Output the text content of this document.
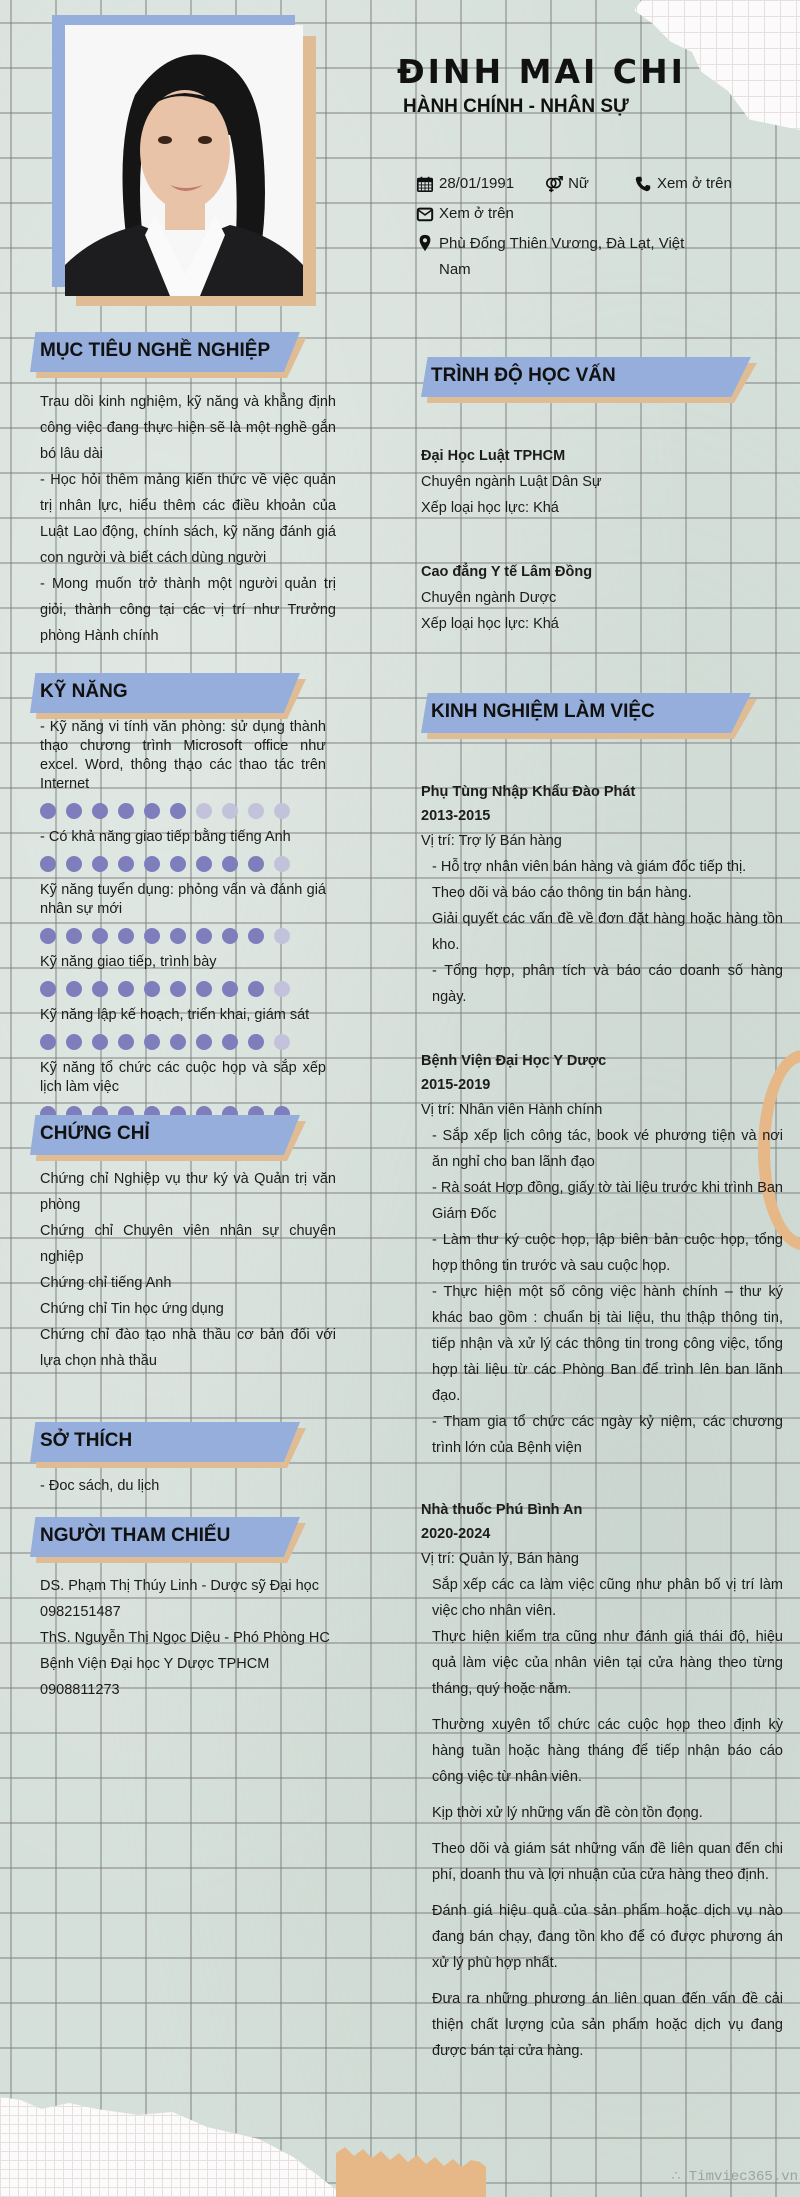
ĐINH MAI CHI
HÀNH CHÍNH - NHÂN SỰ
28/01/1991	Nữ	Xem ở trên
Xem ở trên
Phù Đổng Thiên Vương, Đà Lạt, Việt Nam
MỤC TIÊU NGHỀ NGHIỆP

Trau dồi kinh nghiệm, kỹ năng và khẳng định công việc đang thực hiện sẽ là một nghề gắn bó lâu dài

- Học hỏi thêm mảng kiến thức về việc quản trị nhân lực, hiểu thêm các điều khoản của Luật Lao động, chính sách, kỹ năng đánh giá con người và biết cách dùng người

- Mong muốn trở thành một người quản trị giỏi, thành công tại các vị trí như Trưởng phòng Hành chính

KỸ NĂNG
- Kỹ năng vi tính văn phòng: sử dụng thành thạo chương trình Microsoft office như excel. Word, thông thạo các thao tác trên Internet
- Có khả năng giao tiếp bằng tiếng Anh
Kỹ năng tuyển dụng: phỏng vấn và đánh giá nhân sự mới
Kỹ năng giao tiếp, trình bày
Kỹ năng lập kế hoạch, triển khai, giám sát
Kỹ năng tổ chức các cuộc họp và sắp xếp lịch làm việc
CHỨNG CHỈ

Chứng chỉ Nghiệp vụ thư ký và Quản trị văn phòng

Chứng chỉ Chuyên viên nhân sự chuyên nghiệp

Chứng chỉ tiếng Anh

Chứng chỉ Tin học ứng dụng

Chứng chỉ đào tạo nhà thầu cơ bản đối với lựa chọn nhà thầu

SỞ THÍCH

- Đoc sách, du lịch

NGƯỜI THAM CHIẾU

DS. Phạm Thị Thúy Linh - Dược sỹ Đại học

0982151487

ThS. Nguyễn Thị Ngọc Diệu - Phó Phòng HC

Bệnh Viện Đại học Y Dược TPHCM

0908811273

TRÌNH ĐỘ HỌC VẤN
Đại Học Luật TPHCM
Chuyên ngành Luật Dân Sự
Xếp loại học lực: Khá
Cao đẳng Y tế Lâm Đồng
Chuyên ngành Dược
Xếp loại học lực: Khá
KINH NGHIỆM LÀM VIỆC
Phụ Tùng Nhập Khẩu Đào Phát
2013-2015
Vị trí: Trợ lý Bán hàng

- Hỗ trợ nhân viên bán hàng và giám đốc tiếp thị.

Theo dõi và báo cáo thông tin bán hàng.

Giải quyết các vấn đề về đơn đặt hàng hoặc hàng tồn kho.

- Tổng hợp, phân tích và báo cáo doanh số hàng ngày.

Bệnh Viện Đại Học Y Dược
2015-2019
Vị trí: Nhân viên Hành chính

- Sắp xếp lịch công tác, book vé phương tiện và nơi ăn nghỉ cho ban lãnh đạo

- Rà soát Hợp đồng, giấy tờ tài liệu trước khi trình Ban Giám Đốc

- Làm thư ký cuộc họp, lập biên bản cuộc họp, tổng hợp thông tin trước và sau cuộc họp.

- Thực hiện một số công việc hành chính – thư ký khác bao gồm : chuẩn bị tài liệu, thu thập thông tin, tiếp nhận và xử lý các thông tin trong công việc, tổng hợp tài liệu từ các Phòng Ban để trình lên ban lãnh đạo.

- Tham gia tổ chức các ngày kỷ niệm, các chương trình lớn của Bệnh viện

Nhà thuốc Phú Bình An
2020-2024
Vị trí: Quản lý, Bán hàng

Sắp xếp các ca làm việc cũng như phân bố vị trí làm việc cho nhân viên.

Thực hiện kiểm tra cũng như đánh giá thái độ, hiệu quả làm việc của nhân viên tại cửa hàng theo từng tháng, quý hoặc năm.

Thường xuyên tổ chức các cuộc họp theo định kỳ hàng tuần hoặc hàng tháng để tiếp nhận báo cáo công việc từ nhân viên.

Kịp thời xử lý những vấn đề còn tồn đọng.

Theo dõi và giám sát những vấn đề liên quan đến chi phí, doanh thu và lợi nhuận của cửa hàng theo định.

Đánh giá hiệu quả của sản phẩm hoặc dịch vụ nào đang bán chạy, đang tồn kho để có được phương án xử lý phù hợp nhất.

Đưa ra những phương án liên quan đến vấn đề cải thiện chất lượng của sản phẩm hoặc dịch vụ đang được bán tại cửa hàng.

∴ Timviec365.vn
